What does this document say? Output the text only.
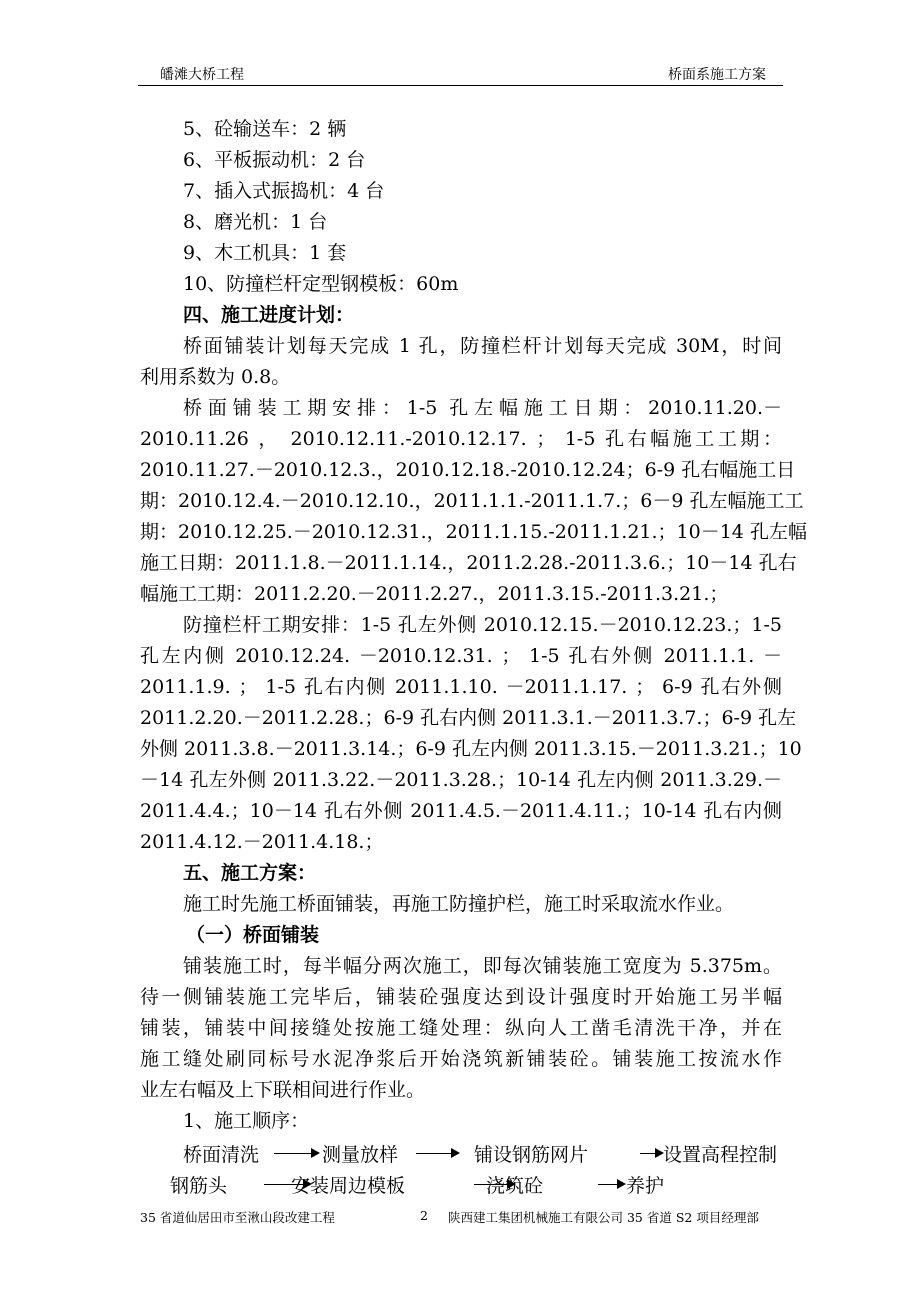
皤滩大桥工程	桥面系施工方案
5、砼输送车：2 辆
6、平板振动机：2 台
7、插入式振捣机：4 台
8、磨光机：1 台
9、木工机具：1 套
10、防撞栏杆定型钢模板：60m
四、施工进度计划：
桥面铺装计划每天完成 1 孔，防撞栏杆计划每天完成 30M，时间
利用系数为 0.8。
桥面铺装工期安排：1-5 孔左幅施工日期：2010.11.20.－
2010.11.26 ， 2010.12.11.-2010.12.17. ； 1-5 孔右幅施工工期：
2010.11.27.－2010.12.3.，2010.12.18.-2010.12.24；6-9 孔右幅施工日
期：2010.12.4.－2010.12.10.，2011.1.1.-2011.1.7.；6－9 孔左幅施工工
期：2010.12.25.－2010.12.31.，2011.1.15.-2011.1.21.；10－14 孔左幅
施工日期：2011.1.8.－2011.1.14.，2011.2.28.-2011.3.6.；10－14 孔右
幅施工工期：2011.2.20.－2011.2.27.，2011.3.15.-2011.3.21.；
防撞栏杆工期安排：1-5 孔左外侧 2010.12.15.－2010.12.23.；1-5
孔左内侧 2010.12.24. －2010.12.31. ； 1-5 孔右外侧 2011.1.1. －
2011.1.9. ； 1-5 孔右内侧 2011.1.10. －2011.1.17. ； 6-9 孔右外侧
2011.2.20.－2011.2.28.；6-9 孔右内侧 2011.3.1.－2011.3.7.；6-9 孔左
外侧 2011.3.8.－2011.3.14.；6-9 孔左内侧 2011.3.15.－2011.3.21.；10
－14 孔左外侧 2011.3.22.－2011.3.28.；10-14 孔左内侧 2011.3.29.－
2011.4.4.；10－14 孔右外侧 2011.4.5.－2011.4.11.；10-14 孔右内侧
2011.4.12.－2011.4.18.；
五、施工方案：
施工时先施工桥面铺装，再施工防撞护栏，施工时采取流水作业。
（一）桥面铺装
铺装施工时，每半幅分两次施工，即每次铺装施工宽度为 5.375m。
待一侧铺装施工完毕后，铺装砼强度达到设计强度时开始施工另半幅
铺装，铺装中间接缝处按施工缝处理：纵向人工凿毛清洗干净，并在
施工缝处刷同标号水泥净浆后开始浇筑新铺装砼。铺装施工按流水作
业左右幅及上下联相间进行作业。
1、施工顺序：
桥面清洗	测量放样	铺设钢筋网片	设置高程控制
钢筋头	安装周边模板	浇筑砼	养护
35 省道仙居田市至湫山段改建工程	2 陕西建工集团机械施工有限公司 35 省道 S2 项目经理部
